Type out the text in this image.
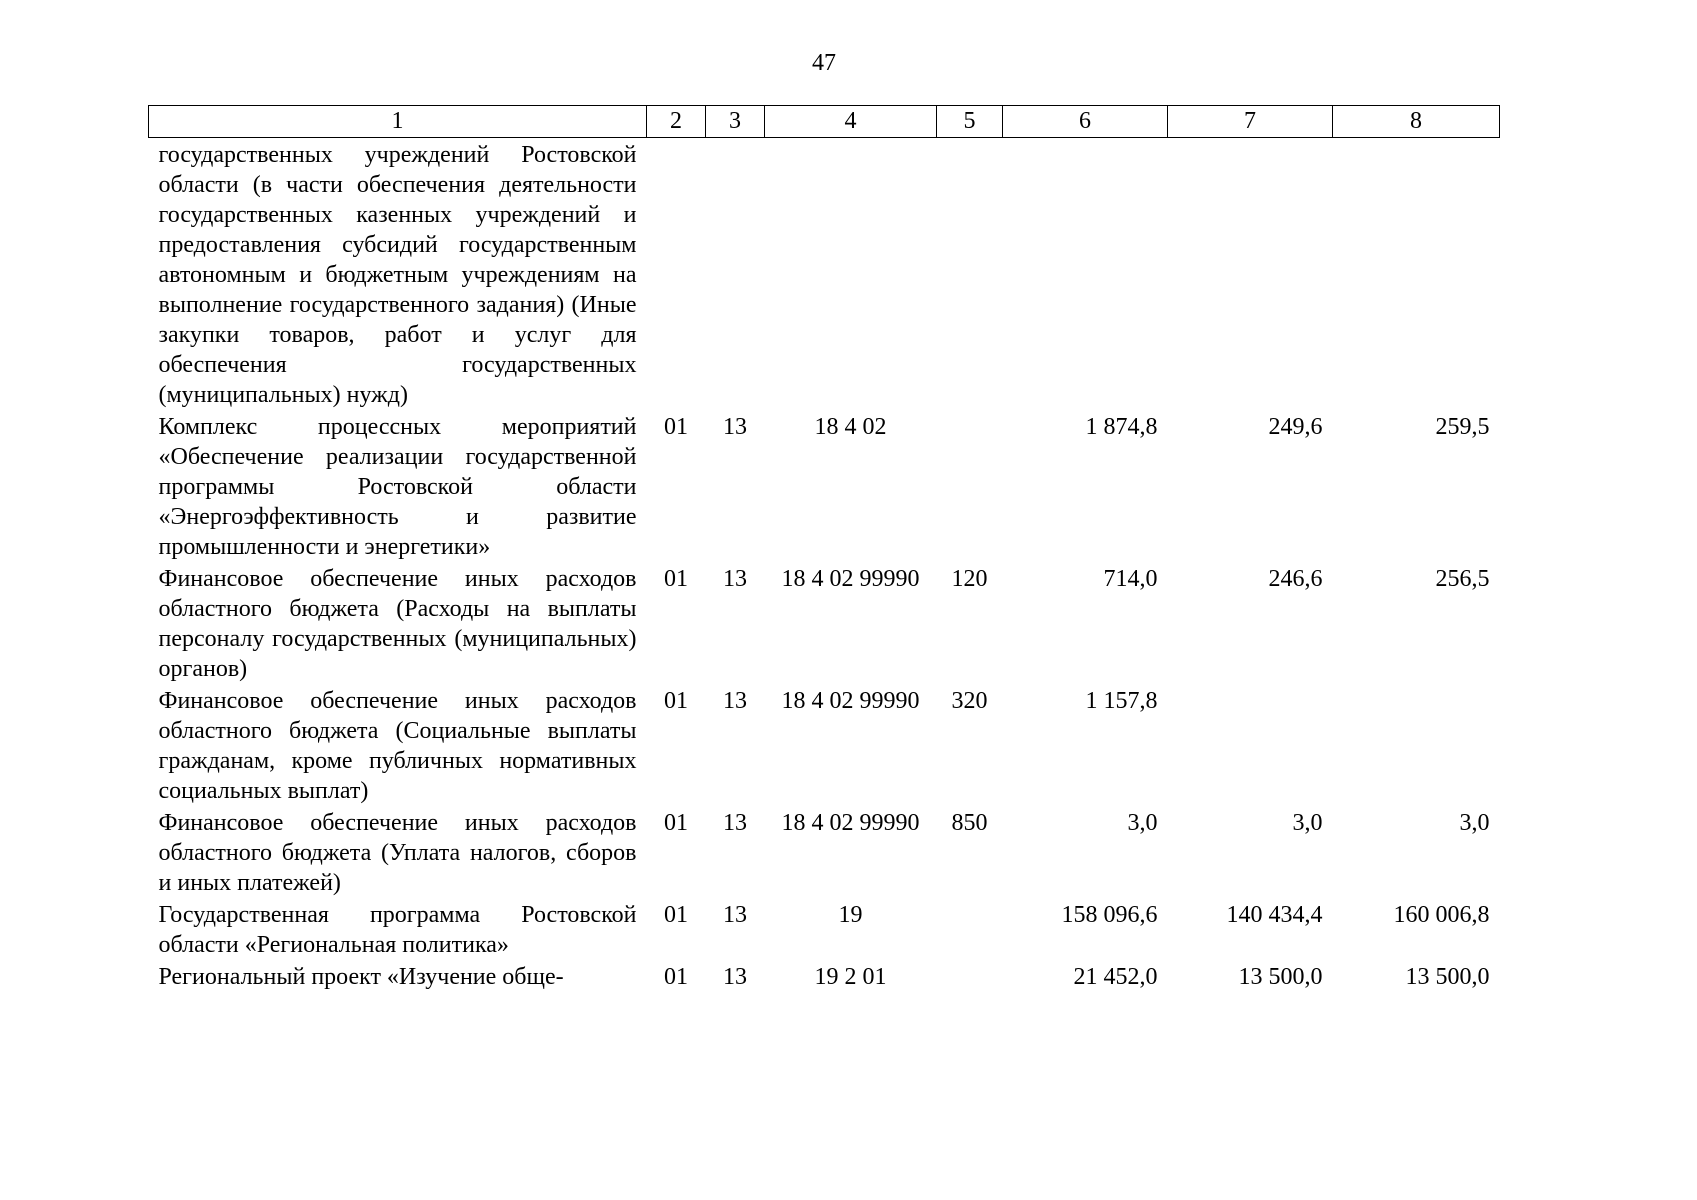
47
1	2	3	4	5	6	7	8
государственных учреждений Ростовской области (в части обеспечения деятельности государственных казенных учреждений и предоставления субсидий государственным автономным и бюджетным учреждениям на выполнение государственного задания) (Иные закупки товаров, работ и услуг для обеспечения государственных (муниципальных) нужд)							
Комплекс процессных мероприятий «Обеспечение реализации государственной программы Ростовской области «Энергоэффективность и развитие промышленности и энергетики»	01	13	18 4 02		1 874,8	249,6	259,5
Финансовое обеспечение иных расходов областного бюджета (Расходы на выплаты персоналу государственных (муниципальных) органов)	01	13	18 4 02 99990	120	714,0	246,6	256,5
Финансовое обеспечение иных расходов областного бюджета (Социальные выплаты гражданам, кроме публичных нормативных социальных выплат)	01	13	18 4 02 99990	320	1 157,8		
Финансовое обеспечение иных расходов областного бюджета (Уплата налогов, сборов и иных платежей)	01	13	18 4 02 99990	850	3,0	3,0	3,0
Государственная программа Ростовской области «Региональная политика»	01	13	19		158 096,6	140 434,4	160 006,8
Региональный проект «Изучение обще-	01	13	19 2 01		21 452,0	13 500,0	13 500,0
